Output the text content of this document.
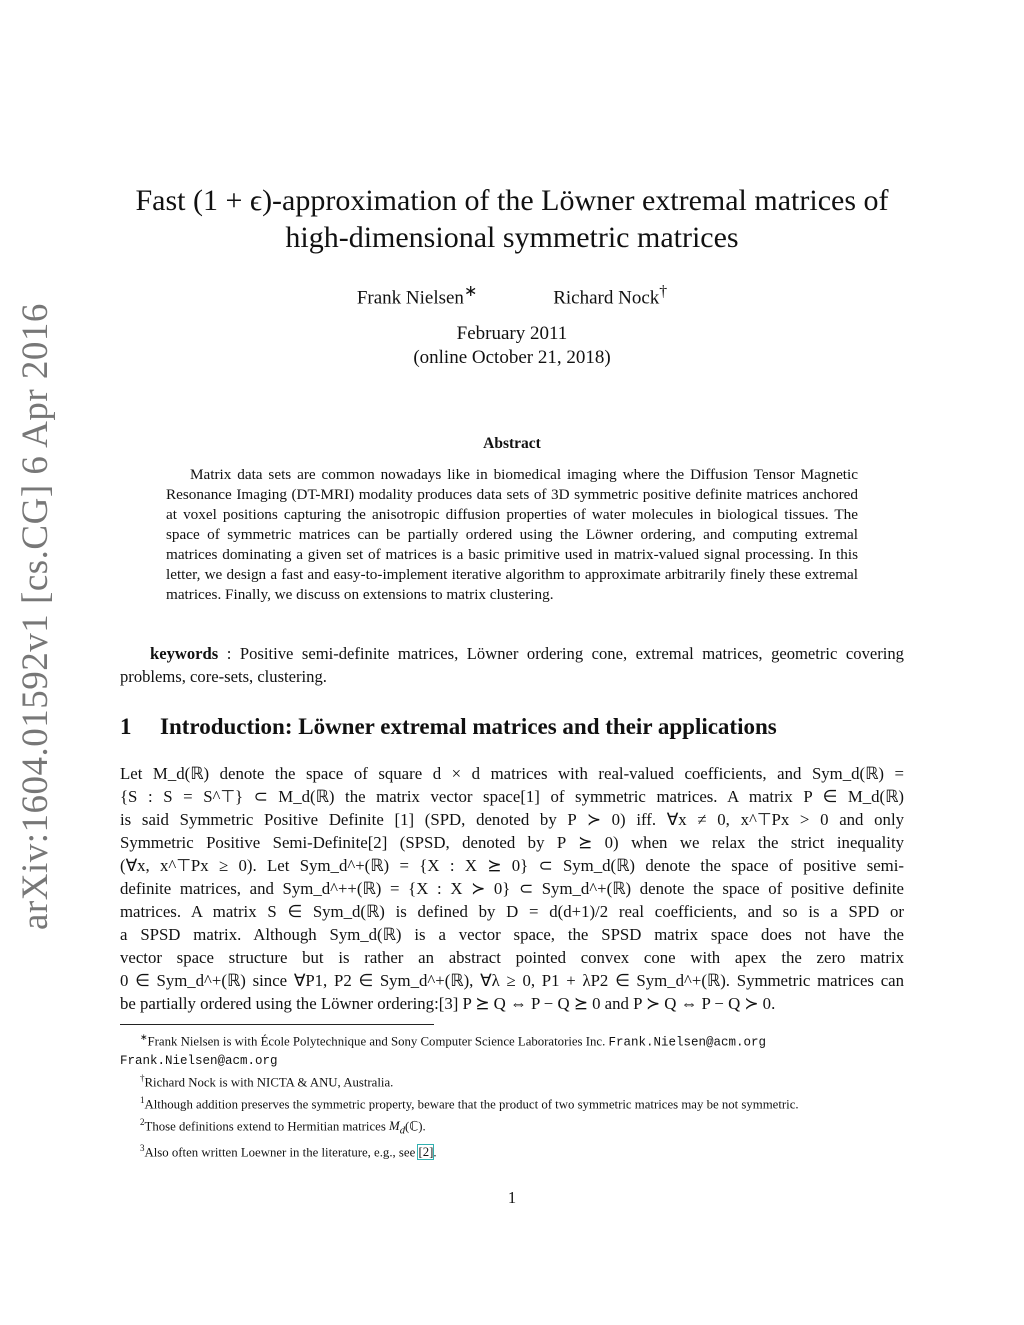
arXiv:1604.01592v1 [cs.CG] 6 Apr 2016
Fast (1 + ϵ)-approximation of the Löwner extremal matrices of
high-dimensional symmetric matrices
Frank Nielsen∗	Richard Nock†
February 2011
(online October 21, 2018)
Abstract
Matrix data sets are common nowadays like in biomedical imaging where the Diffusion Tensor Magnetic Resonance Imaging (DT-MRI) modality produces data sets of 3D symmetric positive definite matrices anchored at voxel positions capturing the anisotropic diffusion properties of water molecules in biological tissues. The space of symmetric matrices can be partially ordered using the Löwner ordering, and computing extremal matrices dominating a given set of matrices is a basic primitive used in matrix-valued signal processing. In this letter, we design a fast and easy-to-implement iterative algorithm to approximate arbitrarily finely these extremal matrices. Finally, we discuss on extensions to matrix clustering.
keywords : Positive semi-definite matrices, Löwner ordering cone, extremal matrices, geometric covering problems, core-sets, clustering.
1 Introduction: Löwner extremal matrices and their applications
Let M_d(ℝ) denote the space of square d × d matrices with real-valued coefficients, and Sym_d(ℝ) =
{S : S = S^⊤} ⊂ M_d(ℝ) the matrix vector space[1] of symmetric matrices. A matrix P ∈ M_d(ℝ)
is said Symmetric Positive Definite [1] (SPD, denoted by P ≻ 0) iff. ∀x ≠ 0, x^⊤Px > 0 and only
Symmetric Positive Semi-Definite[2] (SPSD, denoted by P ⪰ 0) when we relax the strict inequality
(∀x, x^⊤Px ≥ 0). Let Sym_d^+(ℝ) = {X : X ⪰ 0} ⊂ Sym_d(ℝ) denote the space of positive semi-
definite matrices, and Sym_d^++(ℝ) = {X : X ≻ 0} ⊂ Sym_d^+(ℝ) denote the space of positive definite
matrices. A matrix S ∈ Sym_d(ℝ) is defined by D = d(d+1)/2 real coefficients, and so is a SPD or
a SPSD matrix. Although Sym_d(ℝ) is a vector space, the SPSD matrix space does not have the
vector space structure but is rather an abstract pointed convex cone with apex the zero matrix
0 ∈ Sym_d^+(ℝ) since ∀P1, P2 ∈ Sym_d^+(ℝ), ∀λ ≥ 0, P1 + λP2 ∈ Sym_d^+(ℝ). Symmetric matrices can
be partially ordered using the Löwner ordering:[3] P ⪰ Q ⇔ P − Q ⪰ 0 and P ≻ Q ⇔ P − Q ≻ 0.
∗Frank Nielsen is with École Polytechnique and Sony Computer Science Laboratories Inc. Frank.Nielsen@acm.org
Frank.Nielsen@acm.org
†Richard Nock is with NICTA & ANU, Australia.
$^1$Although addition preserves the symmetric property, beware that the product of two symmetric matrices may be not symmetric.
$^2$Those definitions extend to Hermitian matrices $M_d(ℂ)$.
$^3$Also often written Loewner in the literature, e.g., see [2].
1
